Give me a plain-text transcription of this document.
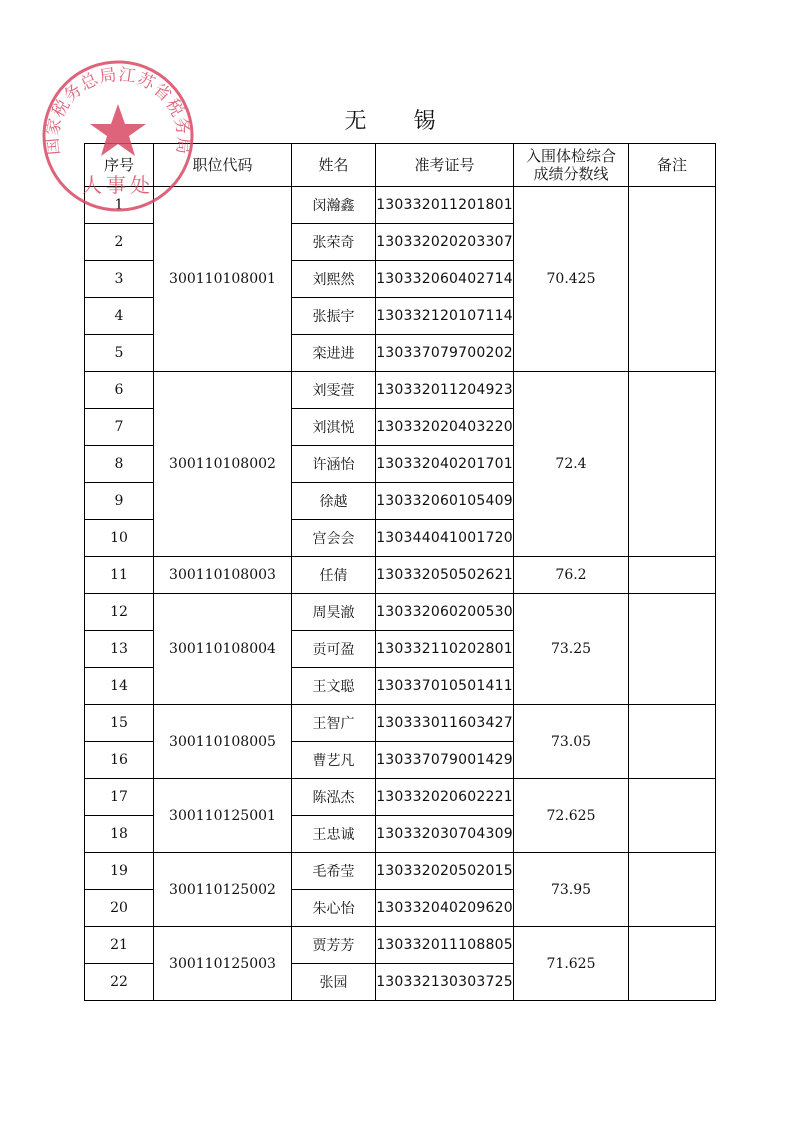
无 锡
序号	职位代码	姓名	准考证号	入围体检综合
成绩分数线	备注
1	300110108001	闵瀚鑫	130332011201801	70.425	
2		张荣奇	130332020203307		
3		刘熙然	130332060402714		
4		张振宇	130332120107114		
5		栾进进	130337079700202		
6	300110108002	刘雯萱	130332011204923	72.4	
7		刘淇悦	130332020403220		
8		许涵怡	130332040201701		
9		徐越	130332060105409		
10		宫会会	130344041001720		
11	300110108003	任倩	130332050502621	76.2	
12	300110108004	周昊澈	130332060200530	73.25	
13		贡可盈	130332110202801		
14		王文聪	130337010501411		
15	300110108005	王智广	130333011603427	73.05	
16		曹艺凡	130337079001429		
17	300110125001	陈泓杰	130332020602221	72.625	
18		王忠诚	130332030704309		
19	300110125002	毛希莹	130332020502015	73.95	
20		朱心怡	130332040209620		
21	300110125003	贾芳芳	130332011108805	71.625	
22		张园	130332130303725		
国家税务总局江苏省税务局
人事处
